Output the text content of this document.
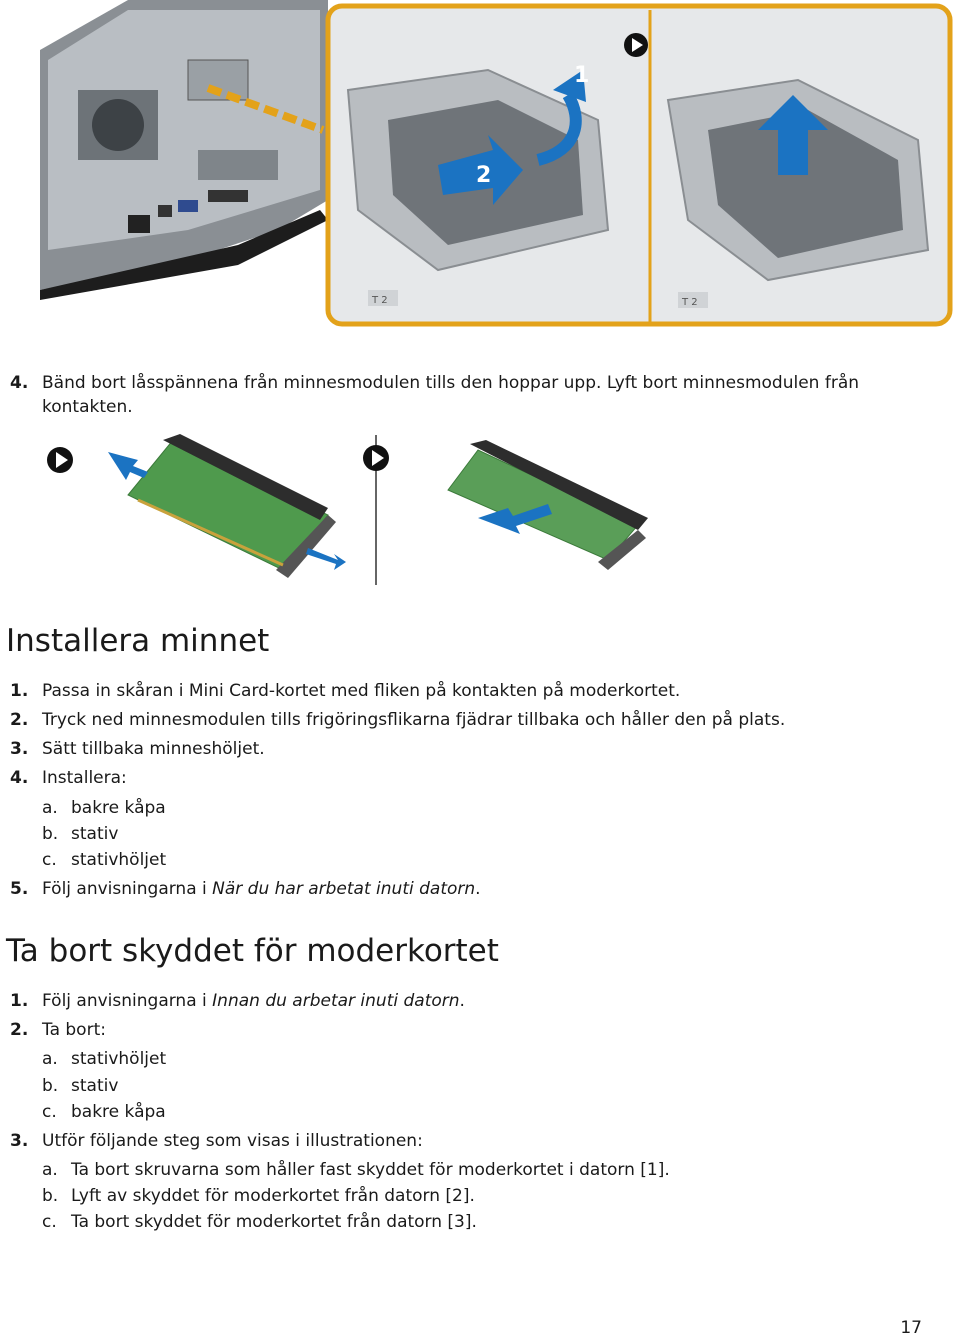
1
2
T 2	T 2
4. Bänd bort låsspännena från minnesmodulen tills den hoppar upp. Lyft bort minnesmodulen från
kontakten.
Installera minnet
1. Passa in skåran i Mini Card-kortet med fliken på kontakten på moderkortet.
2. Tryck ned minnesmodulen tills frigöringsflikarna fjädrar tillbaka och håller den på plats.
3. Sätt tillbaka minneshöljet.
4. Installera:
a. bakre kåpa
b. stativ
c. stativhöljet
5. Följ anvisningarna i När du har arbetat inuti datorn.
Ta bort skyddet för moderkortet
1. Följ anvisningarna i Innan du arbetar inuti datorn.
2. Ta bort:
a. stativhöljet
b. stativ
c. bakre kåpa
3. Utför följande steg som visas i illustrationen:
a. Ta bort skruvarna som håller fast skyddet för moderkortet i datorn [1].
b. Lyft av skyddet för moderkortet från datorn [2].
c. Ta bort skyddet för moderkortet från datorn [3].
17
